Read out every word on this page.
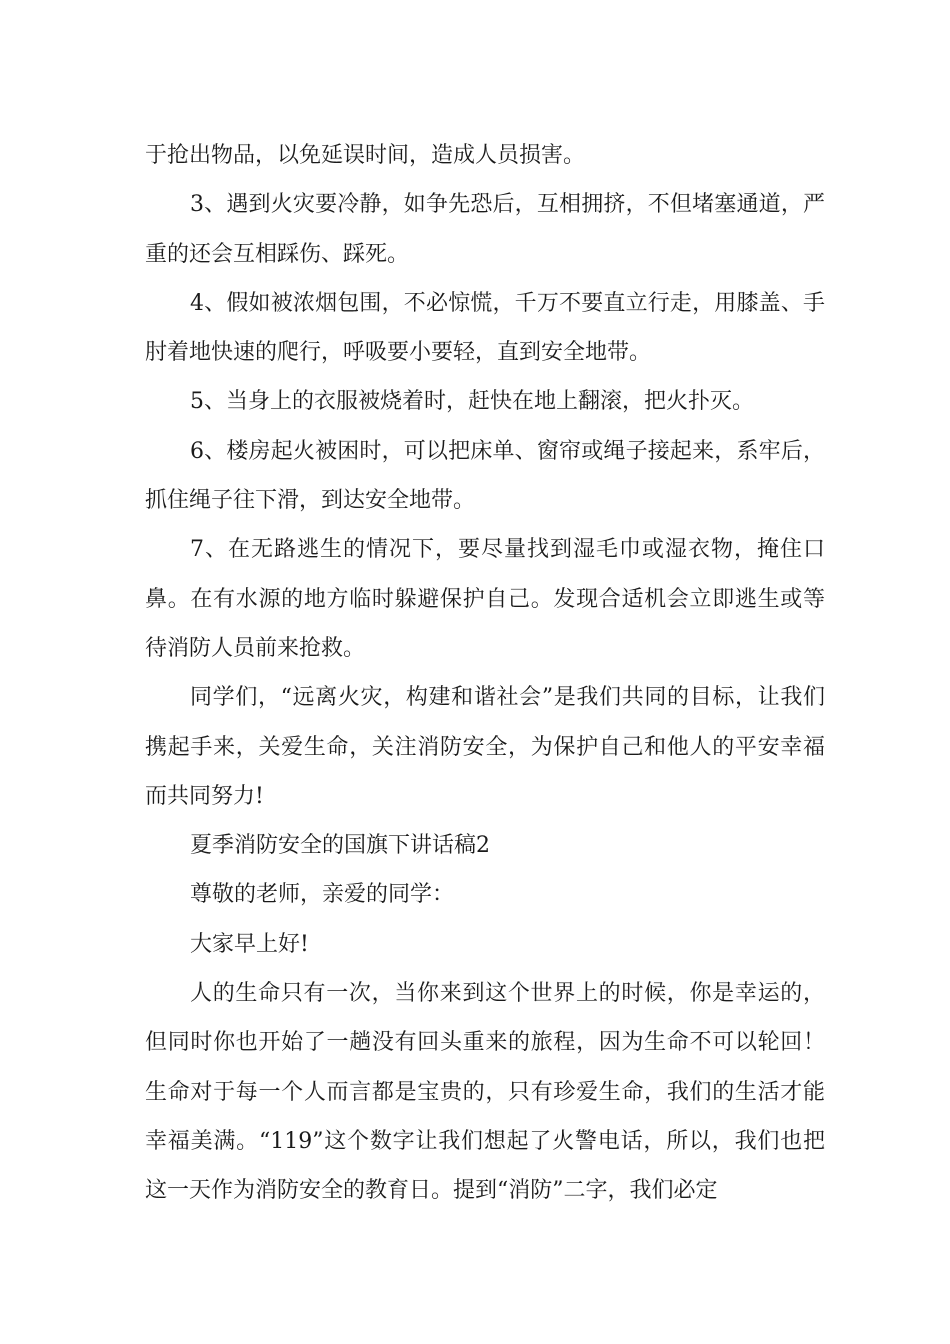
于抢出物品，以免延误时间，造成人员损害。

3、遇到火灾要冷静，如争先恐后，互相拥挤，不但堵塞通道，严重的还会互相踩伤、踩死。

4、假如被浓烟包围，不必惊慌，千万不要直立行走，用膝盖、手肘着地快速的爬行，呼吸要小要轻，直到安全地带。

5、当身上的衣服被烧着时，赶快在地上翻滚，把火扑灭。

6、楼房起火被困时，可以把床单、窗帘或绳子接起来，系牢后，抓住绳子往下滑，到达安全地带。

7、在无路逃生的情况下，要尽量找到湿毛巾或湿衣物，掩住口鼻。在有水源的地方临时躲避保护自己。发现合适机会立即逃生或等待消防人员前来抢救。

同学们，“远离火灾，构建和谐社会”是我们共同的目标，让我们携起手来，关爱生命，关注消防安全，为保护自己和他人的平安幸福而共同努力!

夏季消防安全的国旗下讲话稿2

尊敬的老师，亲爱的同学：

大家早上好!

人的生命只有一次，当你来到这个世界上的时候，你是幸运的，但同时你也开始了一趟没有回头重来的旅程，因为生命不可以轮回！生命对于每一个人而言都是宝贵的，只有珍爱生命，我们的生活才能幸福美满。“119”这个数字让我们想起了火警电话，所以，我们也把这一天作为消防安全的教育日。提到“消防”二字，我们必定
